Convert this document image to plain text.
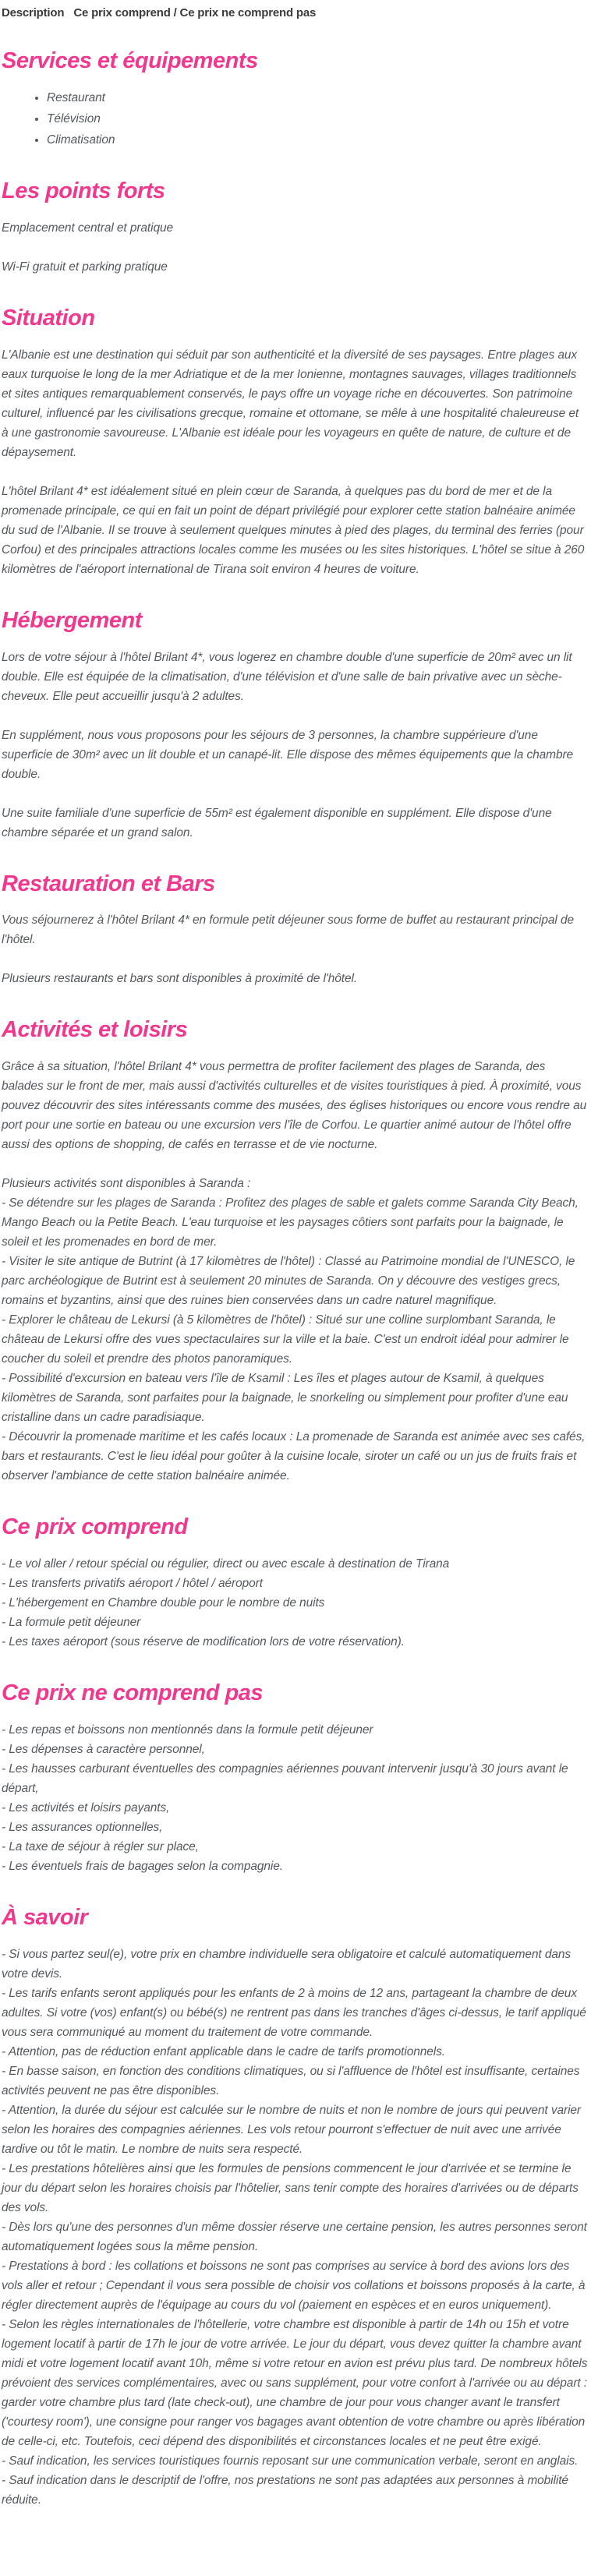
Description Ce prix comprend / Ce prix ne comprend pas
Services et équipements
• Restaurant
• Télévision
• Climatisation
Les points forts

Emplacement central et pratique

Wi-Fi gratuit et parking pratique

Situation

L'Albanie est une destination qui séduit par son authenticité et la diversité de ses paysages. Entre plages aux eaux turquoise le long de la mer Adriatique et de la mer Ionienne, montagnes sauvages, villages traditionnels et sites antiques remarquablement conservés, le pays offre un voyage riche en découvertes. Son patrimoine culturel, influencé par les civilisations grecque, romaine et ottomane, se mêle à une hospitalité chaleureuse et à une gastronomie savoureuse. L'Albanie est idéale pour les voyageurs en quête de nature, de culture et de dépaysement.

L'hôtel Brilant 4* est idéalement situé en plein cœur de Saranda, à quelques pas du bord de mer et de la promenade principale, ce qui en fait un point de départ privilégié pour explorer cette station balnéaire animée du sud de l'Albanie. Il se trouve à seulement quelques minutes à pied des plages, du terminal des ferries (pour Corfou) et des principales attractions locales comme les musées ou les sites historiques. L'hôtel se situe à 260 kilomètres de l'aéroport international de Tirana soit environ 4 heures de voiture.

Hébergement

Lors de votre séjour à l'hôtel Brilant 4*, vous logerez en chambre double d'une superficie de 20m² avec un lit double. Elle est équipée de la climatisation, d'une télévision et d'une salle de bain privative avec un sèche-cheveux. Elle peut accueillir jusqu'à 2 adultes.

En supplément, nous vous proposons pour les séjours de 3 personnes, la chambre suppérieure d'une superficie de 30m² avec un lit double et un canapé-lit. Elle dispose des mêmes équipements que la chambre double.

Une suite familiale d'une superficie de 55m² est également disponible en supplément. Elle dispose d'une chambre séparée et un grand salon.

Restauration et Bars

Vous séjournerez à l'hôtel Brilant 4* en formule petit déjeuner sous forme de buffet au restaurant principal de l'hôtel.

Plusieurs restaurants et bars sont disponibles à proximité de l'hôtel.

Activités et loisirs

Grâce à sa situation, l'hôtel Brilant 4* vous permettra de profiter facilement des plages de Saranda, des balades sur le front de mer, mais aussi d'activités culturelles et de visites touristiques à pied. À proximité, vous pouvez découvrir des sites intéressants comme des musées, des églises historiques ou encore vous rendre au port pour une sortie en bateau ou une excursion vers l'île de Corfou. Le quartier animé autour de l'hôtel offre aussi des options de shopping, de cafés en terrasse et de vie nocturne.

Plusieurs activités sont disponibles à Saranda :
- Se détendre sur les plages de Saranda : Profitez des plages de sable et galets comme Saranda City Beach, Mango Beach ou la Petite Beach. L'eau turquoise et les paysages côtiers sont parfaits pour la baignade, le soleil et les promenades en bord de mer.
- Visiter le site antique de Butrint (à 17 kilomètres de l'hôtel) : Classé au Patrimoine mondial de l'UNESCO, le parc archéologique de Butrint est à seulement 20 minutes de Saranda. On y découvre des vestiges grecs, romains et byzantins, ainsi que des ruines bien conservées dans un cadre naturel magnifique.
- Explorer le château de Lekursi (à 5 kilomètres de l'hôtel) : Situé sur une colline surplombant Saranda, le château de Lekursi offre des vues spectaculaires sur la ville et la baie. C'est un endroit idéal pour admirer le coucher du soleil et prendre des photos panoramiques.
- Possibilité d'excursion en bateau vers l'île de Ksamil : Les îles et plages autour de Ksamil, à quelques kilomètres de Saranda, sont parfaites pour la baignade, le snorkeling ou simplement pour profiter d'une eau cristalline dans un cadre paradisiaque.
- Découvrir la promenade maritime et les cafés locaux : La promenade de Saranda est animée avec ses cafés, bars et restaurants. C'est le lieu idéal pour goûter à la cuisine locale, siroter un café ou un jus de fruits frais et observer l'ambiance de cette station balnéaire animée.
Ce prix comprend
- Le vol aller / retour spécial ou régulier, direct ou avec escale à destination de Tirana
- Les transferts privatifs aéroport / hôtel / aéroport
- L'hébergement en Chambre double pour le nombre de nuits
- La formule petit déjeuner
- Les taxes aéroport (sous réserve de modification lors de votre réservation).
Ce prix ne comprend pas
- Les repas et boissons non mentionnés dans la formule petit déjeuner
- Les dépenses à caractère personnel,
- Les hausses carburant éventuelles des compagnies aériennes pouvant intervenir jusqu'à 30 jours avant le départ,
- Les activités et loisirs payants,
- Les assurances optionnelles,
- La taxe de séjour à régler sur place,
- Les éventuels frais de bagages selon la compagnie.
À savoir
- Si vous partez seul(e), votre prix en chambre individuelle sera obligatoire et calculé automatiquement dans votre devis.
- Les tarifs enfants seront appliqués pour les enfants de 2 à moins de 12 ans, partageant la chambre de deux adultes. Si votre (vos) enfant(s) ou bébé(s) ne rentrent pas dans les tranches d'âges ci-dessus, le tarif appliqué vous sera communiqué au moment du traitement de votre commande.
- Attention, pas de réduction enfant applicable dans le cadre de tarifs promotionnels.
- En basse saison, en fonction des conditions climatiques, ou si l'affluence de l'hôtel est insuffisante, certaines activités peuvent ne pas être disponibles.
- Attention, la durée du séjour est calculée sur le nombre de nuits et non le nombre de jours qui peuvent varier selon les horaires des compagnies aériennes. Les vols retour pourront s'effectuer de nuit avec une arrivée tardive ou tôt le matin. Le nombre de nuits sera respecté.
- Les prestations hôtelières ainsi que les formules de pensions commencent le jour d'arrivée et se termine le jour du départ selon les horaires choisis par l'hôtelier, sans tenir compte des horaires d'arrivées ou de départs des vols.
- Dès lors qu'une des personnes d'un même dossier réserve une certaine pension, les autres personnes seront automatiquement logées sous la même pension.
- Prestations à bord : les collations et boissons ne sont pas comprises au service à bord des avions lors des vols aller et retour ; Cependant il vous sera possible de choisir vos collations et boissons proposés à la carte, à régler directement auprès de l'équipage au cours du vol (paiement en espèces et en euros uniquement).
- Selon les règles internationales de l'hôtellerie, votre chambre est disponible à partir de 14h ou 15h et votre logement locatif à partir de 17h le jour de votre arrivée. Le jour du départ, vous devez quitter la chambre avant midi et votre logement locatif avant 10h, même si votre retour en avion est prévu plus tard. De nombreux hôtels prévoient des services complémentaires, avec ou sans supplément, pour votre confort à l'arrivée ou au départ : garder votre chambre plus tard (late check-out), une chambre de jour pour vous changer avant le transfert ('courtesy room'), une consigne pour ranger vos bagages avant obtention de votre chambre ou après libération de celle-ci, etc. Toutefois, ceci dépend des disponibilités et circonstances locales et ne peut être exigé.
- Sauf indication, les services touristiques fournis reposant sur une communication verbale, seront en anglais.
- Sauf indication dans le descriptif de l'offre, nos prestations ne sont pas adaptées aux personnes à mobilité réduite.
